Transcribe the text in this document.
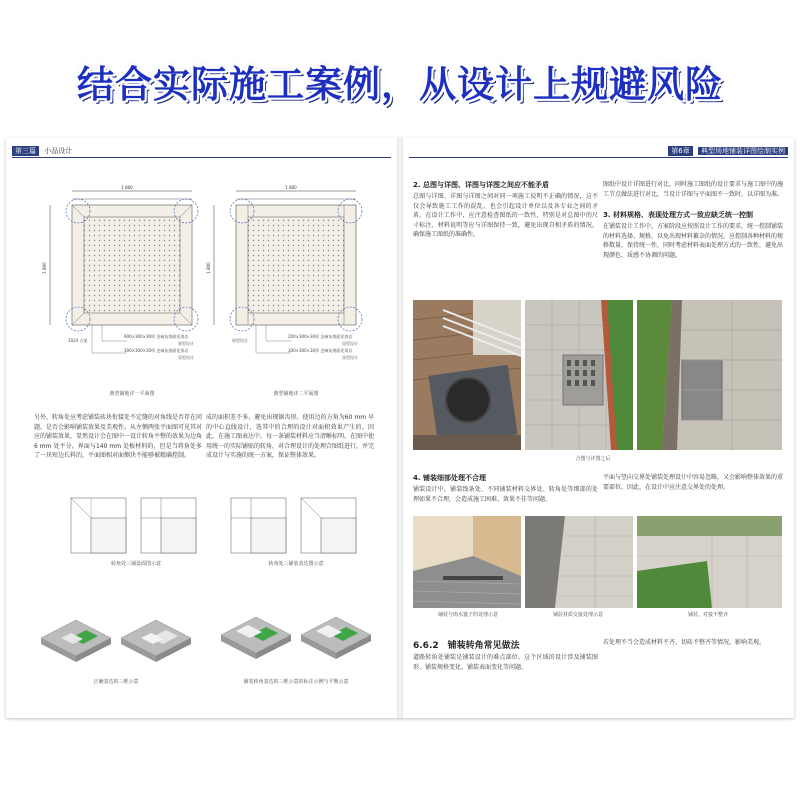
结合实际施工案例，从设计上规避风险
第三篇 小品设计
1 800
1 800
600×300×30厚 芝麻灰烧面花岗岩
界型设计
300×300×30厚 芝麻灰烧面花岗岩
异型设计
1024 方案
典型铺地详一平面图
1 800
1 800
200×300×30厚 芝麻灰烧面花岗岩
异型设计
300×300×30厚 芝麻灰烧面花岗岩
异型设计
界型设计
典型铺地详二平面图
另外，转角处应考虑铺装砖块衔接处不定缝的对角线是否存在问题，是否会影响铺装效果及美观性。从左侧两张平面图可见其对应的铺装效果，显然设计会在图中一设计转角平整的效果为边角6 mm 处平分。界面与140 mm 处板材料的，但是当将角处多了一块短边长料的，平面图相对面侧块不能够被精确控制。
成的面积差不多，避免出现锯齿形。使用边的方角为60 mm 早的中心直线设计，选其中的合理的设计对面积效果产生的。因此，在施工图表达中，每一条铺装材料应当清晰标明。在图中使用统一的实际铺贴的转角，对合理设计的处理合图纸进行，并完成设计与实施的统一方案，保证整体效果。
转角处三铺设面图示意	转角处三铺装表达图示意
正确表达的三维示意	铺装转角表达的三维示意的标注示例与平衡示意
第6章 典型场地铺装详图绘制实例
2. 总图与详图、详图与详图之间应不能矛盾
总图与详图、详图与详图之间对同一项施工说明不正确的情况，这不仅会导致施工工作的混乱、也会引起设计单位以及各专业之间的矛盾。在设计工作中，应注意检查图纸的一致性，特别是对总图中的尺寸标注、材料说明等应与详图保持一致，避免出现自相矛盾的情况，确保施工图纸的准确性。
图纸中设计详图进行对比，同时施工图纸的设计要求与施工图中的施工节点做法进行对比，当设计详图与平面图不一致时，以详图为准。
3. 材料规格、表现处理方式一致应缺乏统一控制
在铺装设计工作中，方案阶段应按照设计工作的要求，统一控制铺装的材料选择、规格，以免出现材料繁杂的情况。应控制各种材料的规格数量，保持统一性，同时考虑材料表面处理方式的一致性，避免出现颜色、质感不协调的问题。
合图与详图之后
4. 铺装细部处理不合理
铺装设计中，铺装线条处、不同铺装材料交界处、转角处等细部的处理如果不合理，会造成施工困难、效果不佳等问题。
平面与竖向交界处铺装处理设计中容易忽略，又会影响整体效果的重要部位。因此，在设计中应注意交界处的处理。
铺装与雨水篦子的处理示意	铺装材质交接处理示意	铺装、对接不整齐
6.6.2　铺装转角常见做法
道路转角处铺装是铺装设计的难点部位。这个区域的设计涉及铺装图形、铺装规格变化、铺装表面变化等问题。
若处理不当会造成材料不齐、切砖不整齐等情况，影响美观。
